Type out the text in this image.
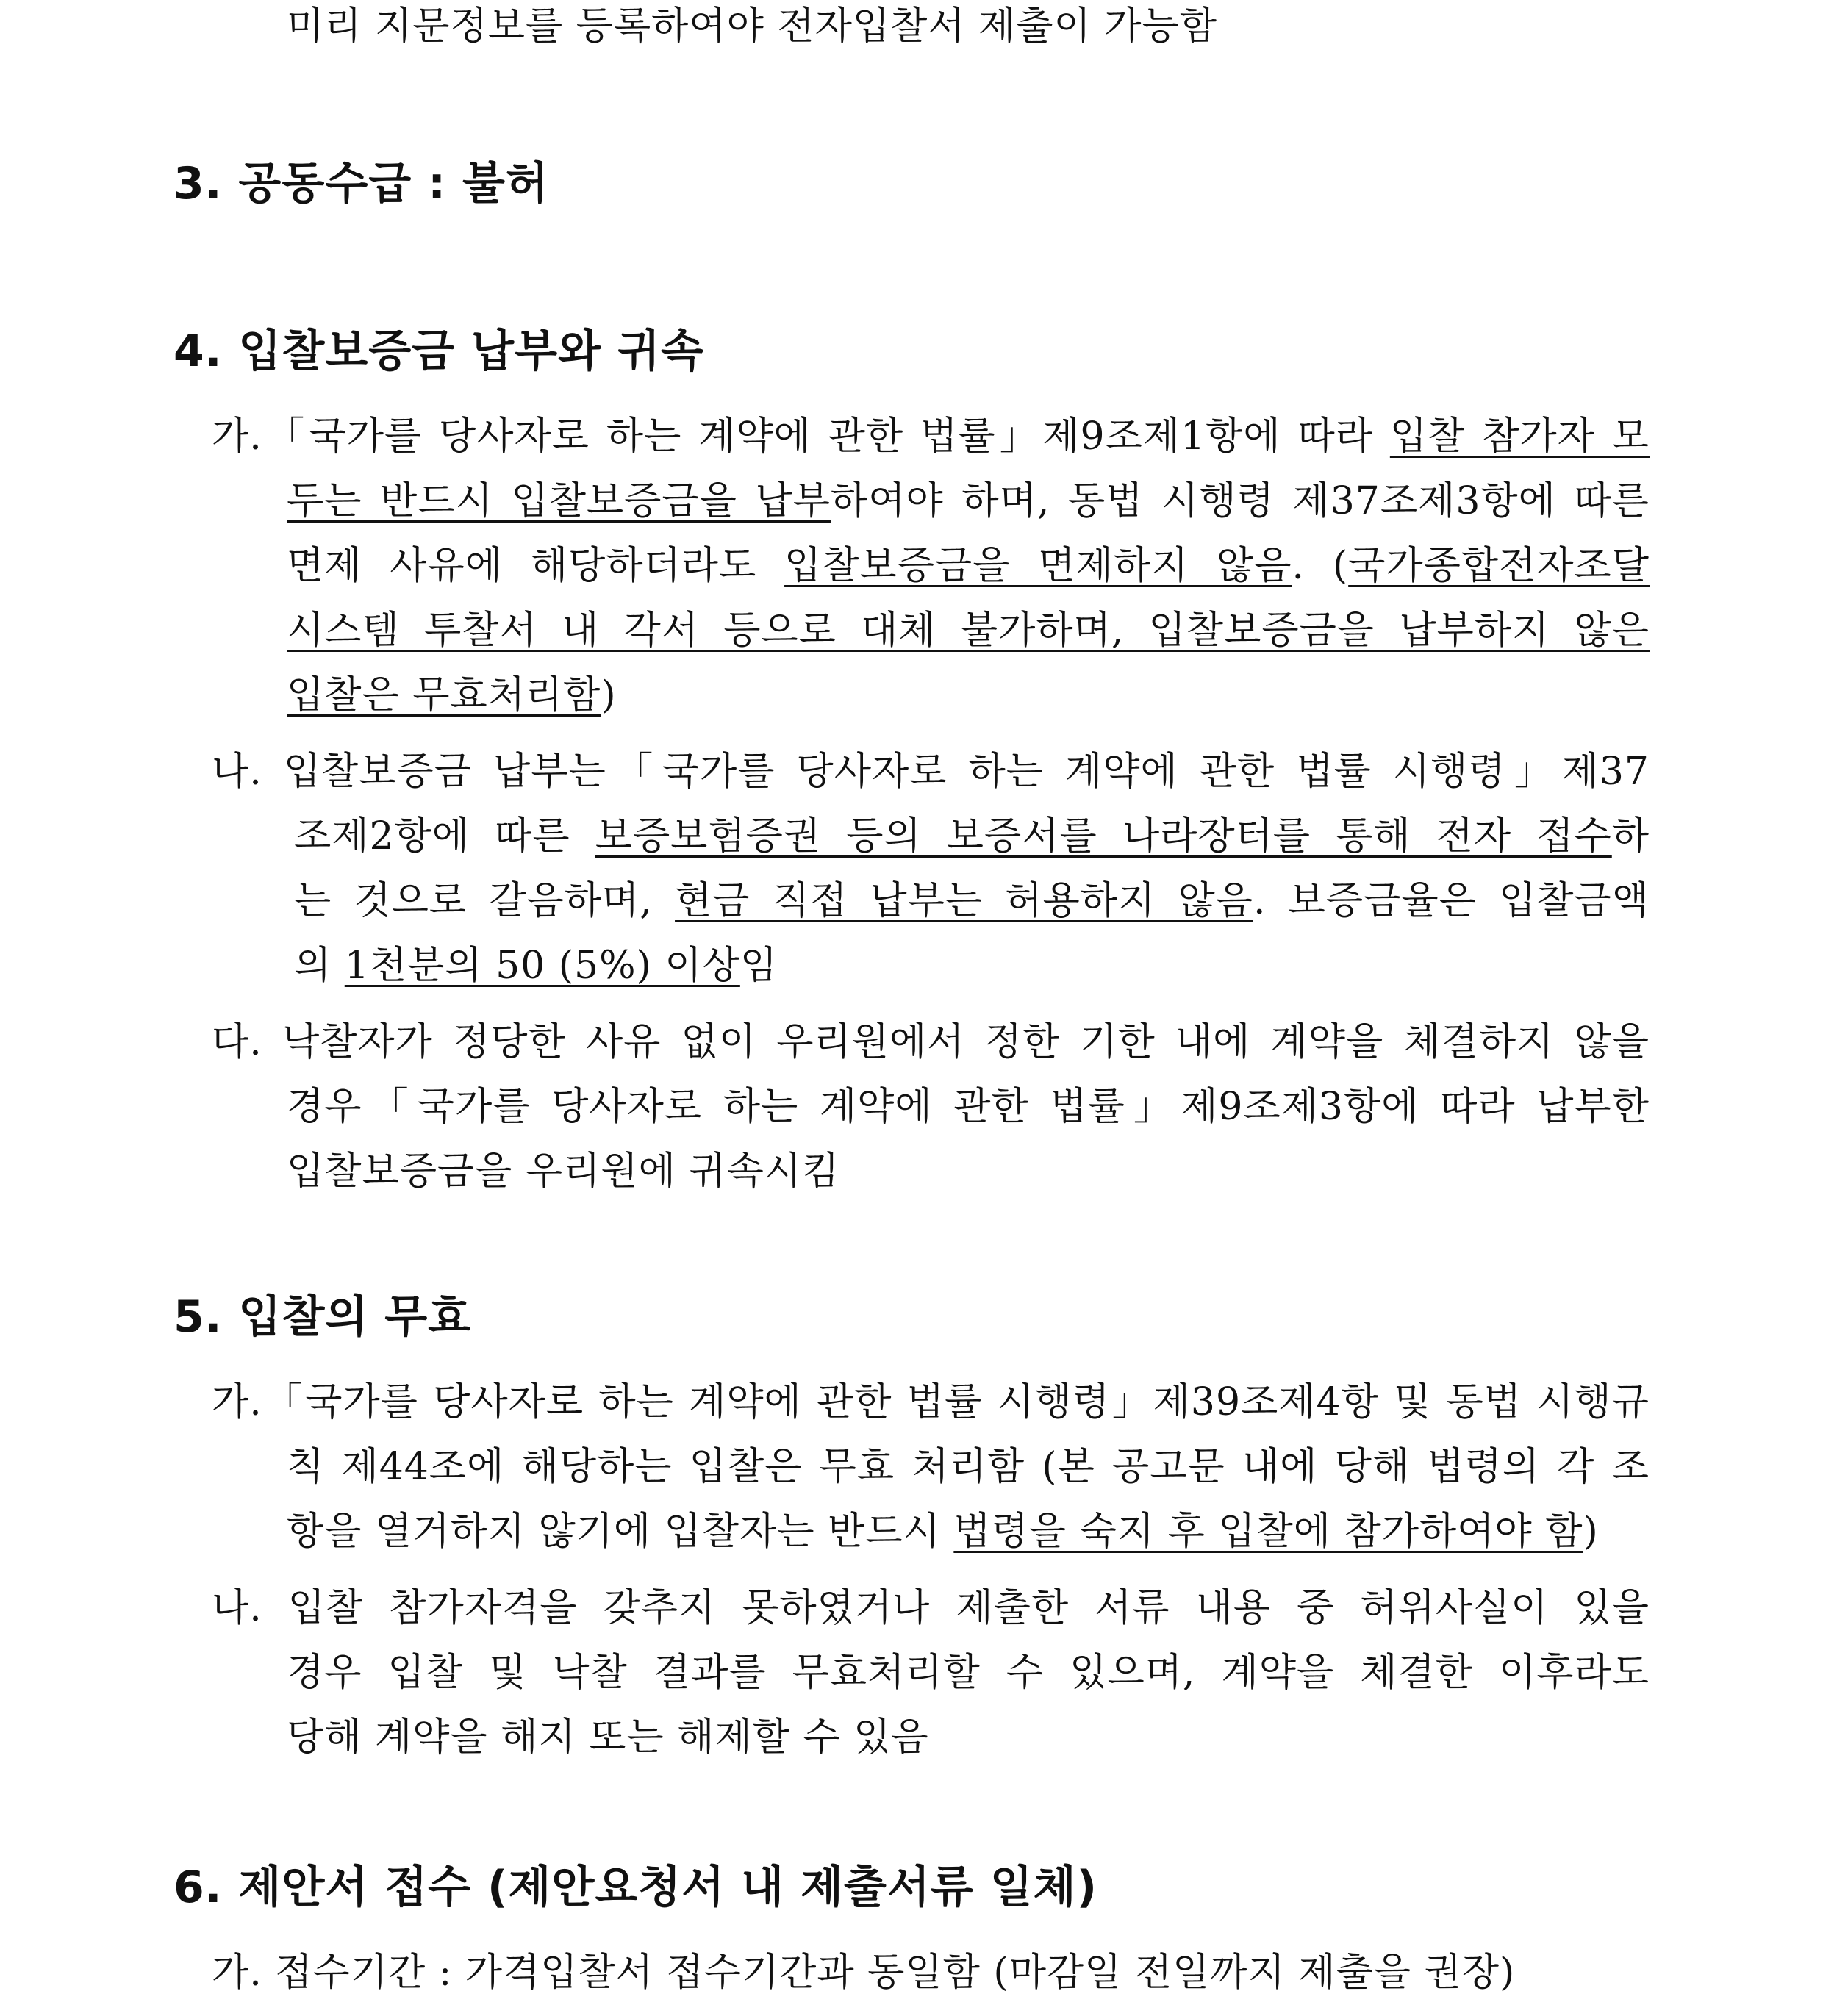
미리 지문정보를 등록하여야 전자입찰서 제출이 가능함
3. 공동수급 : 불허
4. 입찰보증금 납부와 귀속
가.「국가를 당사자로 하는 계약에 관한 법률」제9조제1항에 따라 입찰 참가자 모
두는 반드시 입찰보증금을 납부하여야 하며, 동법 시행령 제37조제3항에 따른
면제 사유에 해당하더라도 입찰보증금을 면제하지 않음. (국가종합전자조달
시스템 투찰서 내 각서 등으로 대체 불가하며, 입찰보증금을 납부하지 않은
입찰은 무효처리함)
나. 입찰보증금 납부는「국가를 당사자로 하는 계약에 관한 법률 시행령」제37
조제2항에 따른 보증보험증권 등의 보증서를 나라장터를 통해 전자 접수하
는 것으로 갈음하며, 현금 직접 납부는 허용하지 않음. 보증금율은 입찰금액
의 1천분의 50 (5%) 이상임
다. 낙찰자가 정당한 사유 없이 우리원에서 정한 기한 내에 계약을 체결하지 않을
경우「국가를 당사자로 하는 계약에 관한 법률」제9조제3항에 따라 납부한
입찰보증금을 우리원에 귀속시킴
5. 입찰의 무효
가.「국가를 당사자로 하는 계약에 관한 법률 시행령」제39조제4항 및 동법 시행규
칙 제44조에 해당하는 입찰은 무효 처리함 (본 공고문 내에 당해 법령의 각 조
항을 열거하지 않기에 입찰자는 반드시 법령을 숙지 후 입찰에 참가하여야 함)
나. 입찰 참가자격을 갖추지 못하였거나 제출한 서류 내용 중 허위사실이 있을
경우 입찰 및 낙찰 결과를 무효처리할 수 있으며, 계약을 체결한 이후라도
당해 계약을 해지 또는 해제할 수 있음
6. 제안서 접수 (제안요청서 내 제출서류 일체)
가. 접수기간 : 가격입찰서 접수기간과 동일함 (마감일 전일까지 제출을 권장)
